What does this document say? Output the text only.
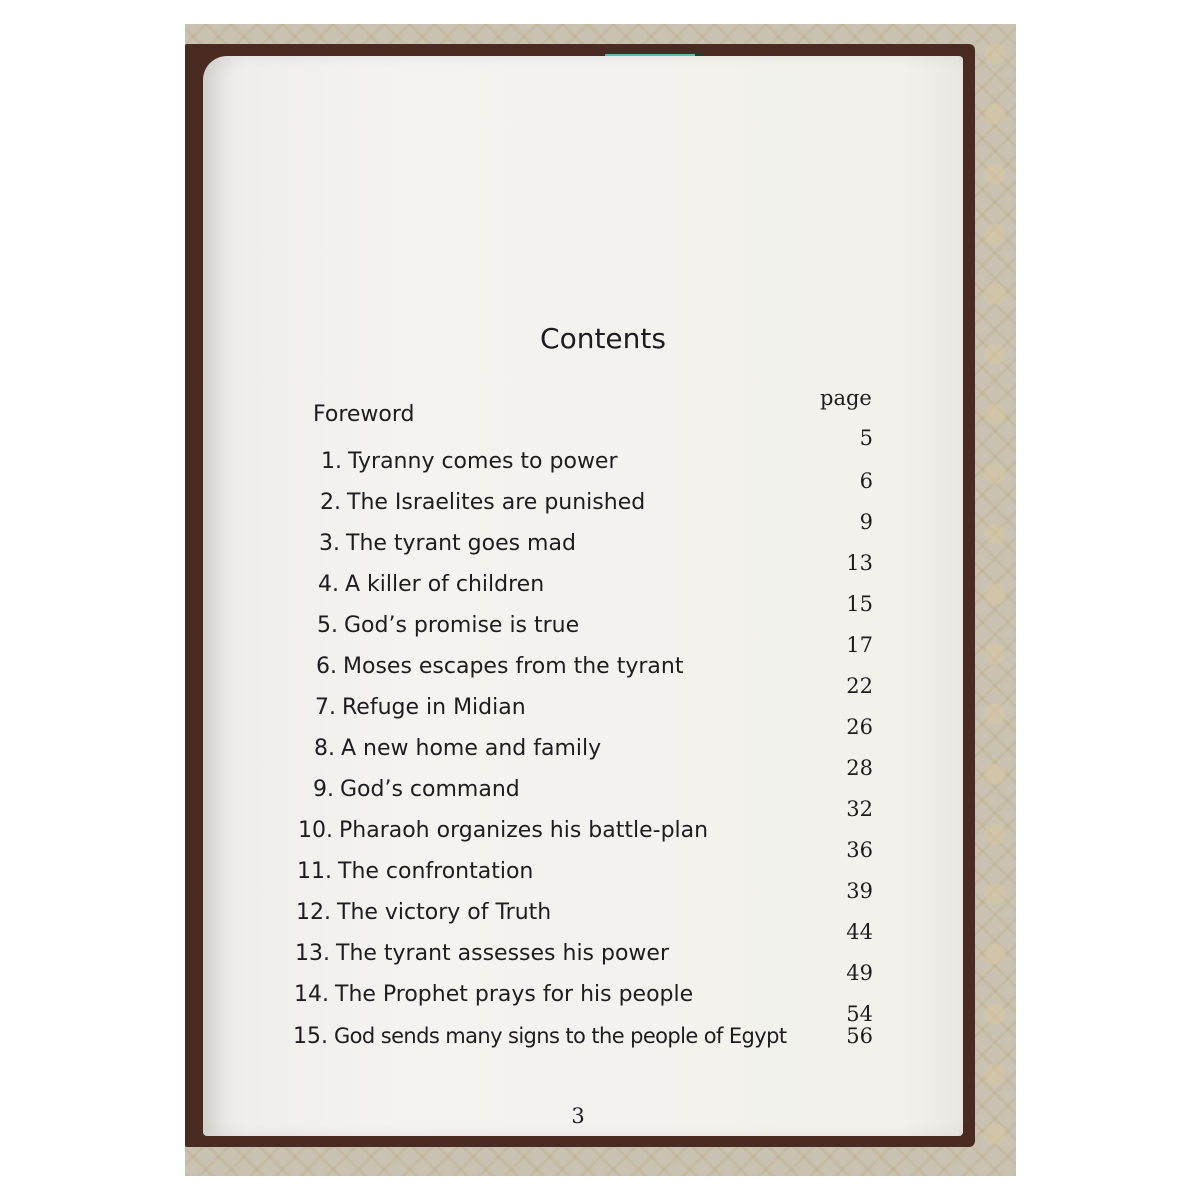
Contents
page
Foreword
5
1. Tyranny comes to power
6
2. The Israelites are punished
9
3. The tyrant goes mad
13
4. A killer of children
15
5. God’s promise is true
17
6. Moses escapes from the tyrant
22
7. Refuge in Midian
26
8. A new home and family
28
9. God’s command
32
10. Pharaoh organizes his battle-plan
36
11. The confrontation
39
12. The victory of Truth
44
13. The tyrant assesses his power
49
14. The Prophet prays for his people
54
15. God sends many signs to the people of Egypt	56
3
